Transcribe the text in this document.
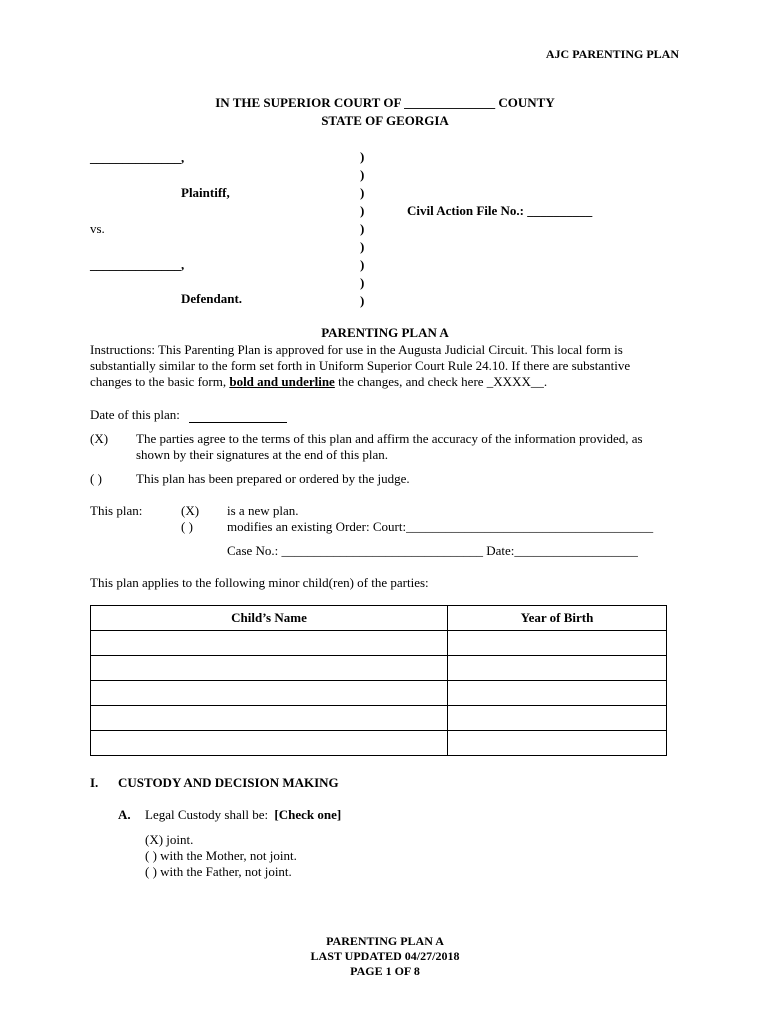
AJC PARENTING PLAN
IN THE SUPERIOR COURT OF ______________ COUNTY
STATE OF GEORGIA
______________,
Plaintiff,
vs.
______________,
Defendant.
)
)
)
)
)
)
)
)
)
Civil Action File No.: __________
PARENTING PLAN A
Instructions: This Parenting Plan is approved for use in the Augusta Judicial Circuit. This local form is
substantially similar to the form set forth in Uniform Superior Court Rule 24.10. If there are substantive
changes to the basic form, bold and underline the changes, and check here _XXXX__.
Date of this plan:
(X) The parties agree to the terms of this plan and affirm the accuracy of the information provided, as
shown by their signatures at the end of this plan.
( )	This plan has been prepared or ordered by the judge.
This plan:	(X) is a new plan.
( )	modifies an existing Order: Court:______________________________________
Case No.: _______________________________ Date:___________________
This plan applies to the following minor child(ren) of the parties:
Child’s Name	Year of Birth

I. CUSTODY AND DECISION MAKING
A. Legal Custody shall be: [Check one]
(X) joint.
( ) with the Mother, not joint.
( ) with the Father, not joint.
PARENTING PLAN A
LAST UPDATED 04/27/2018
PAGE 1 OF 8
